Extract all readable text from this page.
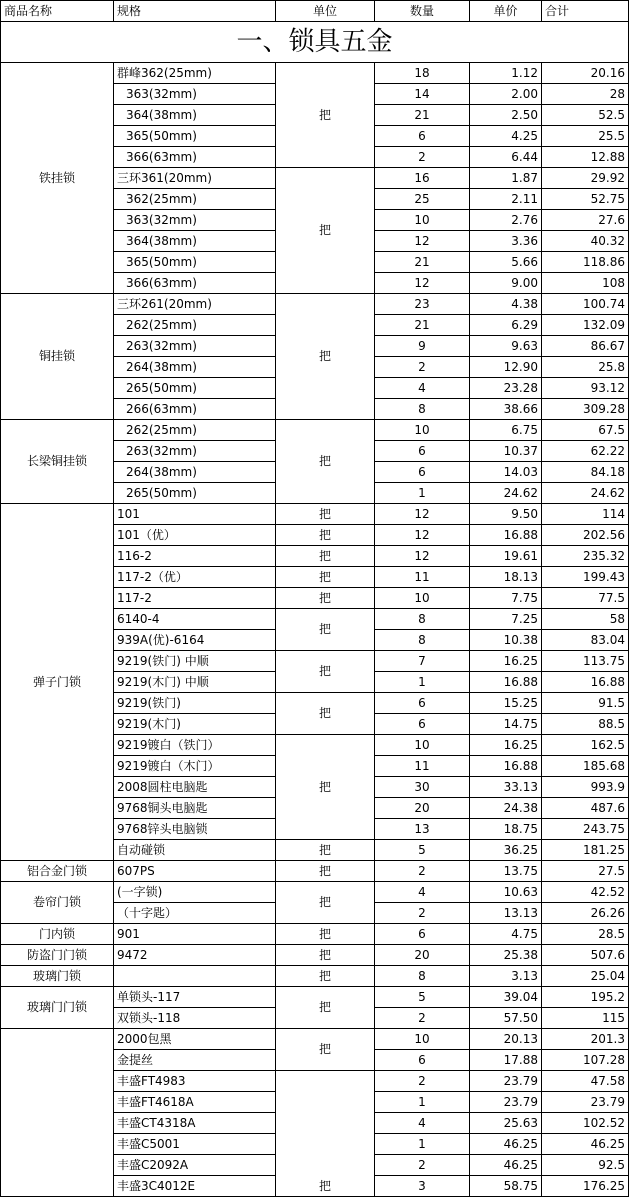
商品名称	规格	单位	数量	单价	合计
一、锁具五金					
铁挂锁	群峰362(25mm)	把	18	1.12	20.16
	363(32mm)		14	2.00	28
	364(38mm)		21	2.50	52.5
	365(50mm)		6	4.25	25.5
	366(63mm)		2	6.44	12.88
	三环361(20mm)	把	16	1.87	29.92
	362(25mm)		25	2.11	52.75
	363(32mm)		10	2.76	27.6
	364(38mm)		12	3.36	40.32
	365(50mm)		21	5.66	118.86
	366(63mm)		12	9.00	108
铜挂锁	三环261(20mm)	把	23	4.38	100.74
	262(25mm)		21	6.29	132.09
	263(32mm)		9	9.63	86.67
	264(38mm)		2	12.90	25.8
	265(50mm)		4	23.28	93.12
	266(63mm)		8	38.66	309.28
长梁铜挂锁	262(25mm)	把	10	6.75	67.5
	263(32mm)		6	10.37	62.22
	264(38mm)		6	14.03	84.18
	265(50mm)		1	24.62	24.62
弹子门锁	101	把	12	9.50	114
	101（优）	把	12	16.88	202.56
	116-2	把	12	19.61	235.32
	117-2（优）	把	11	18.13	199.43
	117-2	把	10	7.75	77.5
	6140-4	把	8	7.25	58
	939A(优)-6164		8	10.38	83.04
	9219(铁门) 中顺	把	7	16.25	113.75
	9219(木门) 中顺		1	16.88	16.88
	9219(铁门)	把	6	15.25	91.5
	9219(木门)		6	14.75	88.5
	9219镀白（铁门）	把	10	16.25	162.5
	9219镀白（木门）		11	16.88	185.68
	2008圆柱电脑匙		30	33.13	993.9
	9768铜头电脑匙		20	24.38	487.6
	9768锌头电脑锁		13	18.75	243.75
	自动碰锁	把	5	36.25	181.25
铝合金门锁	607PS	把	2	13.75	27.5
卷帘门锁	(一字锁)	把	4	10.63	42.52
	（十字匙）		2	13.13	26.26
门内锁	901	把	6	4.75	28.5
防盗门门锁	9472	把	20	25.38	507.6
玻璃门锁		把	8	3.13	25.04
玻璃门门锁	单锁头-117	把	5	39.04	195.2
	双锁头-118		2	57.50	115
	2000包黑	把	10	20.13	201.3
	金提丝		6	17.88	107.28
	丰盛FT4983	把	2	23.79	47.58
	丰盛FT4618A		1	23.79	23.79
	丰盛CT4318A		4	25.63	102.52
	丰盛C5001		1	46.25	46.25
	丰盛C2092A		2	46.25	92.5
	丰盛3C4012E		3	58.75	176.25
